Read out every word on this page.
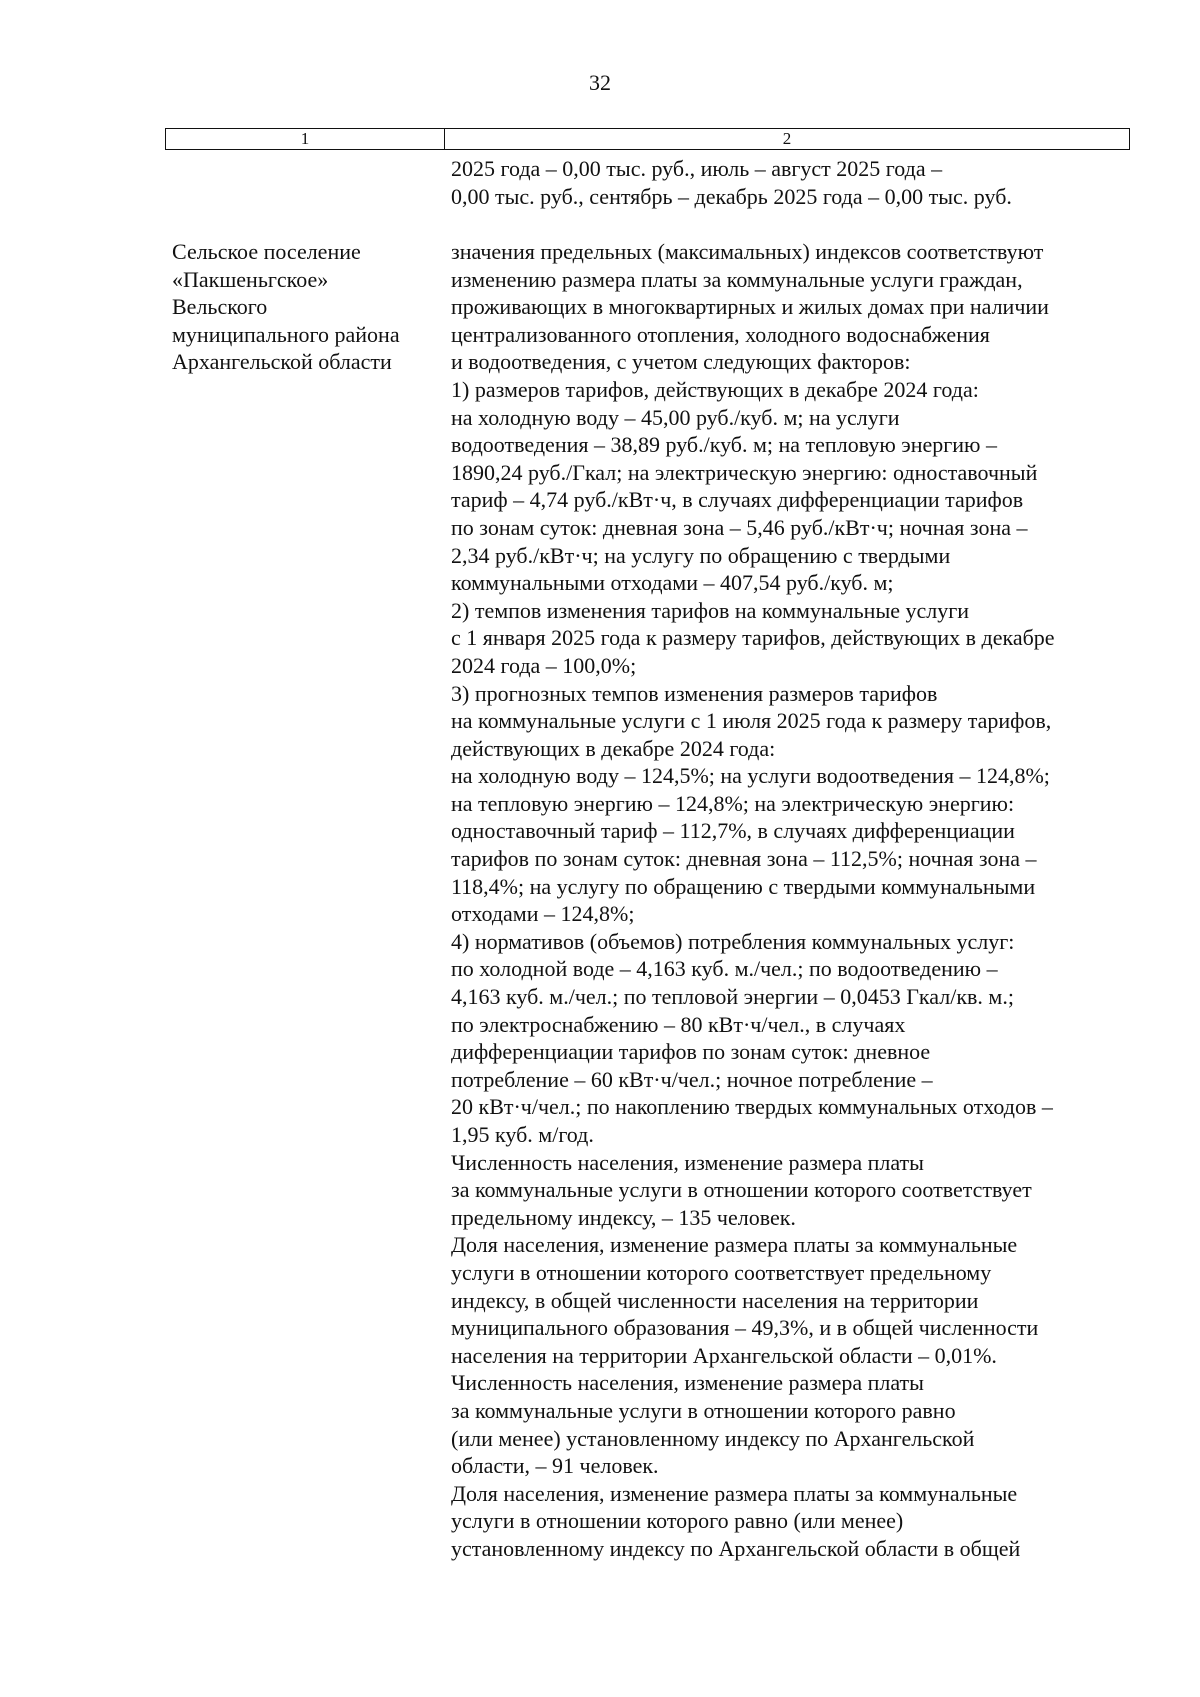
32
1	2
2025 года – 0,00 тыс. руб., июль – август 2025 года –
0,00 тыс. руб., сентябрь – декабрь 2025 года – 0,00 тыс. руб.
Сельское поселение
«Пакшеньгское»
Вельского
муниципального района
Архангельской области
значения предельных (максимальных) индексов соответствуют
изменению размера платы за коммунальные услуги граждан,
проживающих в многоквартирных и жилых домах при наличии
централизованного отопления, холодного водоснабжения
и водоотведения, с учетом следующих факторов:
1) размеров тарифов, действующих в декабре 2024 года:
на холодную воду – 45,00 руб./куб. м; на услуги
водоотведения – 38,89 руб./куб. м; на тепловую энергию –
1890,24 руб./Гкал; на электрическую энергию: одноставочный
тариф – 4,74 руб./кВт·ч, в случаях дифференциации тарифов
по зонам суток: дневная зона – 5,46 руб./кВт·ч; ночная зона –
2,34 руб./кВт·ч; на услугу по обращению с твердыми
коммунальными отходами – 407,54 руб./куб. м;
2) темпов изменения тарифов на коммунальные услуги
с 1 января 2025 года к размеру тарифов, действующих в декабре
2024 года – 100,0%;
3) прогнозных темпов изменения размеров тарифов
на коммунальные услуги с 1 июля 2025 года к размеру тарифов,
действующих в декабре 2024 года:
на холодную воду – 124,5%; на услуги водоотведения – 124,8%;
на тепловую энергию – 124,8%; на электрическую энергию:
одноставочный тариф – 112,7%, в случаях дифференциации
тарифов по зонам суток: дневная зона – 112,5%; ночная зона –
118,4%; на услугу по обращению с твердыми коммунальными
отходами – 124,8%;
4) нормативов (объемов) потребления коммунальных услуг:
по холодной воде – 4,163 куб. м./чел.; по водоотведению –
4,163 куб. м./чел.; по тепловой энергии – 0,0453 Гкал/кв. м.;
по электроснабжению – 80 кВт·ч/чел., в случаях
дифференциации тарифов по зонам суток: дневное
потребление – 60 кВт·ч/чел.; ночное потребление –
20 кВт·ч/чел.; по накоплению твердых коммунальных отходов –
1,95 куб. м/год.
Численность населения, изменение размера платы
за коммунальные услуги в отношении которого соответствует
предельному индексу, – 135 человек.
Доля населения, изменение размера платы за коммунальные
услуги в отношении которого соответствует предельному
индексу, в общей численности населения на территории
муниципального образования – 49,3%, и в общей численности
населения на территории Архангельской области – 0,01%.
Численность населения, изменение размера платы
за коммунальные услуги в отношении которого равно
(или менее) установленному индексу по Архангельской
области, – 91 человек.
Доля населения, изменение размера платы за коммунальные
услуги в отношении которого равно (или менее)
установленному индексу по Архангельской области в общей
